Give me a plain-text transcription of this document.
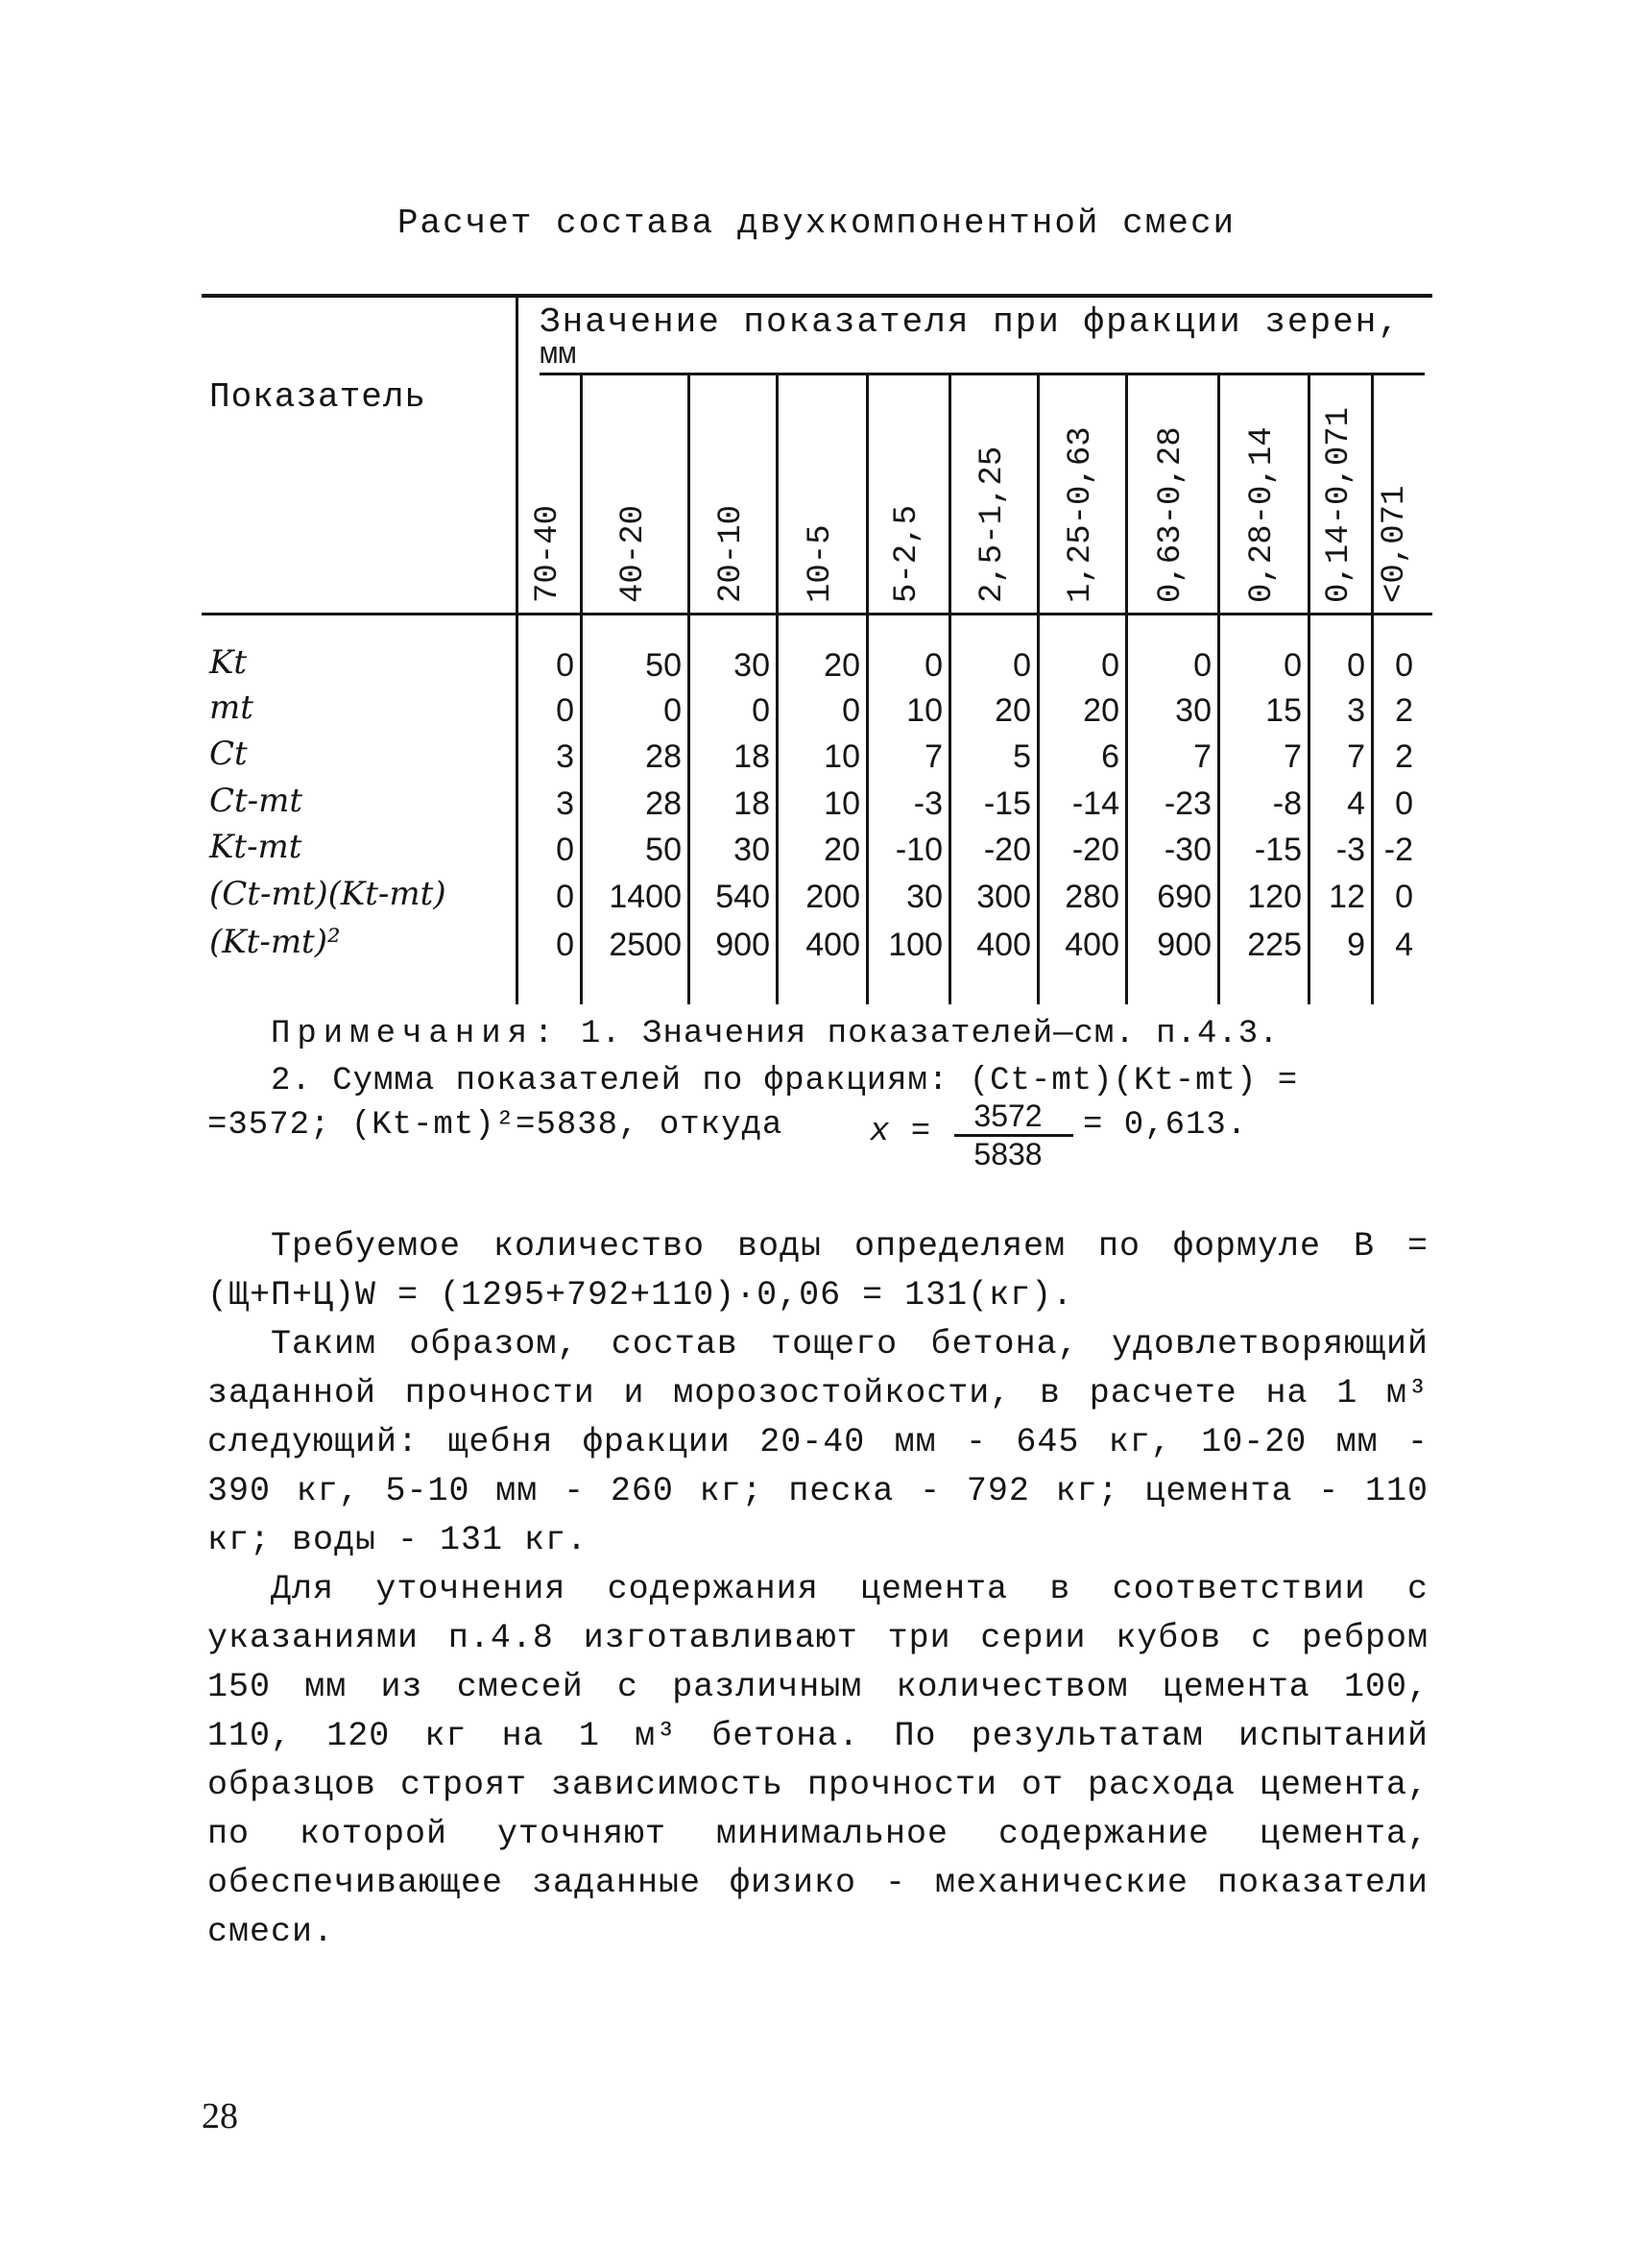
Расчет состава двухкомпонентной смеси
Показатель
Значение показателя при фракции зерен,
мм
70-40 40-20 20-10 10-5 5-2,5 2,5-1,25 1,25-0,63 0,63-0,28 0,28-0,14 0,14-0,071 <0,071
Kt	0	50	30	20	0	0	0	0	0	0 0
mt	0	0	0	0	10	20	20	30	15	3 2
Ct	3	28	18	10	7	5	6	7	7	7 2
Ct-mt	3	28	18	10	-3	-15	-14	-23	-8	4 0
Kt-mt	0	50	30	20	-10	-20	-20	-30	-15	-3 -2
(Ct-mt)(Kt-mt)	0	1400	540	200	30	300	280	690	120 12 0
(Kt-mt)²	0	2500	900	400 100	400	400	900	225	9 4
Примечания: 1. Значения показателей—см. п.4.3.
2. Сумма показателей по фракциям: (Ct-mt)(Kt-mt) =
=3572; (Kt-mt)²=5838, откуда	x =	3572
5838
= 0,613.

Требуемое количество воды определяем по формуле В = (Щ+П+Ц)W = (1295+792+110)·0,06 = 131(кг).

Таким образом, состав тощего бетона, удовлетворяющий заданной прочности и морозостойкости, в расчете на 1 м³ следующий: щебня фракции 20-40 мм - 645 кг, 10-20 мм - 390 кг, 5-10 мм - 260 кг; песка - 792 кг; цемента - 110 кг; воды - 131 кг.

Для уточнения содержания цемента в соответствии с указаниями п.4.8 изготавливают три серии кубов с ребром 150 мм из смесей с различным количеством цемента 100, 110, 120 кг на 1 м³ бетона. По результатам испытаний образцов строят зависимость прочности от расхода цемента, по которой уточняют минимальное содержание цемента, обеспечивающее заданные физико - механические показатели смеси.

28
